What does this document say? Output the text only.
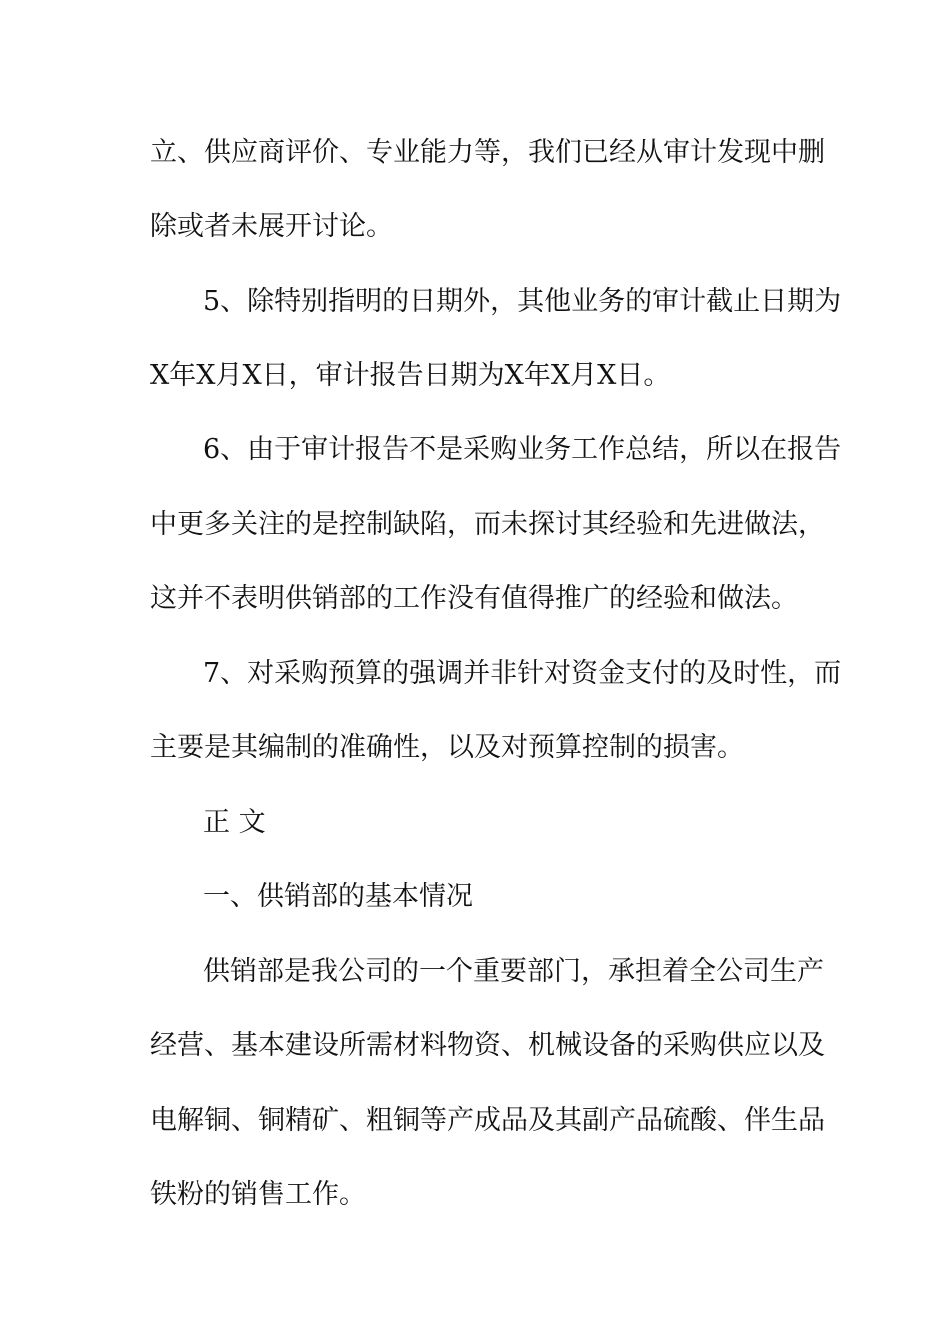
立、供应商评价、专业能力等，我们已经从审计发现中删
除或者未展开讨论。
5、除特别指明的日期外，其他业务的审计截止日期为
X年X月X日，审计报告日期为X年X月X日。
6、由于审计报告不是采购业务工作总结，所以在报告
中更多关注的是控制缺陷，而未探讨其经验和先进做法，
这并不表明供销部的工作没有值得推广的经验和做法。
7、对采购预算的强调并非针对资金支付的及时性，而
主要是其编制的准确性，以及对预算控制的损害。
正 文
一、供销部的基本情况
供销部是我公司的一个重要部门，承担着全公司生产
经营、基本建设所需材料物资、机械设备的采购供应以及
电解铜、铜精矿、粗铜等产成品及其副产品硫酸、伴生品
铁粉的销售工作。
